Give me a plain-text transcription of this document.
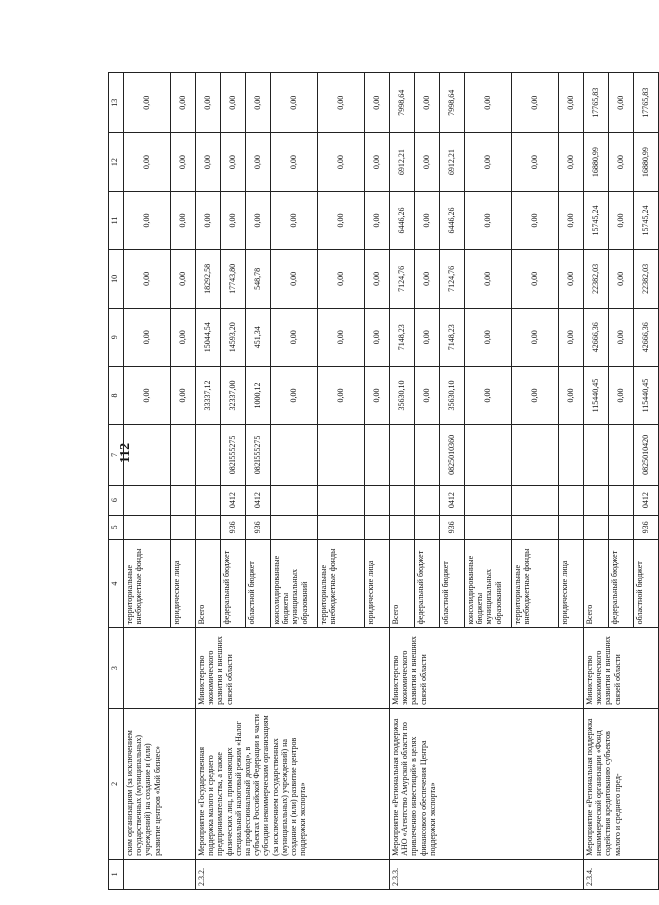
112
1	2	3	4	5	6	7	8	9	10	11	12	13
	ским организациям (за исключением государственных (муниципальных) учреждений) на создание и (или) развитие центров «Мой бизнес»		территориальные внебюджетные фонды				0,00	0,00	0,00	0,00	0,00	0,00
			юридические лица				0,00	0,00	0,00	0,00	0,00	0,00
2.3.2.	Мероприятие «Государственная поддержка малого и среднего предпринимательства, а также физических лиц, применяющих специальный налоговый режим «Налог на профессиональный доход», в субъектах Российской Федерации в части субсидии некоммерческим организациям (за исключением государственных (муниципальных) учреждений) на создание и (или) развитие центров поддержки экспорта»	Министерство экономического развития и внешних связей области	Всего				33337,12	15044,54	18292,58	0,00	0,00	0,00
			федеральный бюджет	936	0412	082I555275	32337,00	14593,20	17743,80	0,00	0,00	0,00
			областной бюджет	936	0412	082I555275	1000,12	451,34	548,78	0,00	0,00	0,00
			консолидированные бюджеты муниципальных образований				0,00	0,00	0,00	0,00	0,00	0,00
			территориальные внебюджетные фонды				0,00	0,00	0,00	0,00	0,00	0,00
			юридические лица				0,00	0,00	0,00	0,00	0,00	0,00
2.3.3.	Мероприятие «Региональная поддержка АНО «Агентство Амурской области по привлечению инвестиций» в целях финансового обеспечения Центра поддержки экспорта»	Министерство экономического развития и внешних связей области	Всего				35630,10	7148,23	7124,76	6446,26	6912,21	7998,64
			федеральный бюджет				0,00	0,00	0,00	0,00	0,00	0,00
			областной бюджет	936	0412	0825010360	35630,10	7148,23	7124,76	6446,26	6912,21	7998,64
			консолидированные бюджеты муниципальных образований				0,00	0,00	0,00	0,00	0,00	0,00
			территориальные внебюджетные фонды				0,00	0,00	0,00	0,00	0,00	0,00
			юридические лица				0,00	0,00	0,00	0,00	0,00	0,00
2.3.4.	Мероприятие «Региональная поддержка некоммерческой организации «Фонд содействия кредитованию субъектов малого и среднего пред-	Министерство экономического развития и внешних связей области	Всего				115440,45	42666,36	22382,03	15745,24	16880,99	17765,83
			федеральный бюджет				0,00	0,00	0,00	0,00	0,00	0,00
			областной бюджет	936	0412	0825010420	115440,45	42666,36	22382,03	15745,24	16880,99	17765,83
